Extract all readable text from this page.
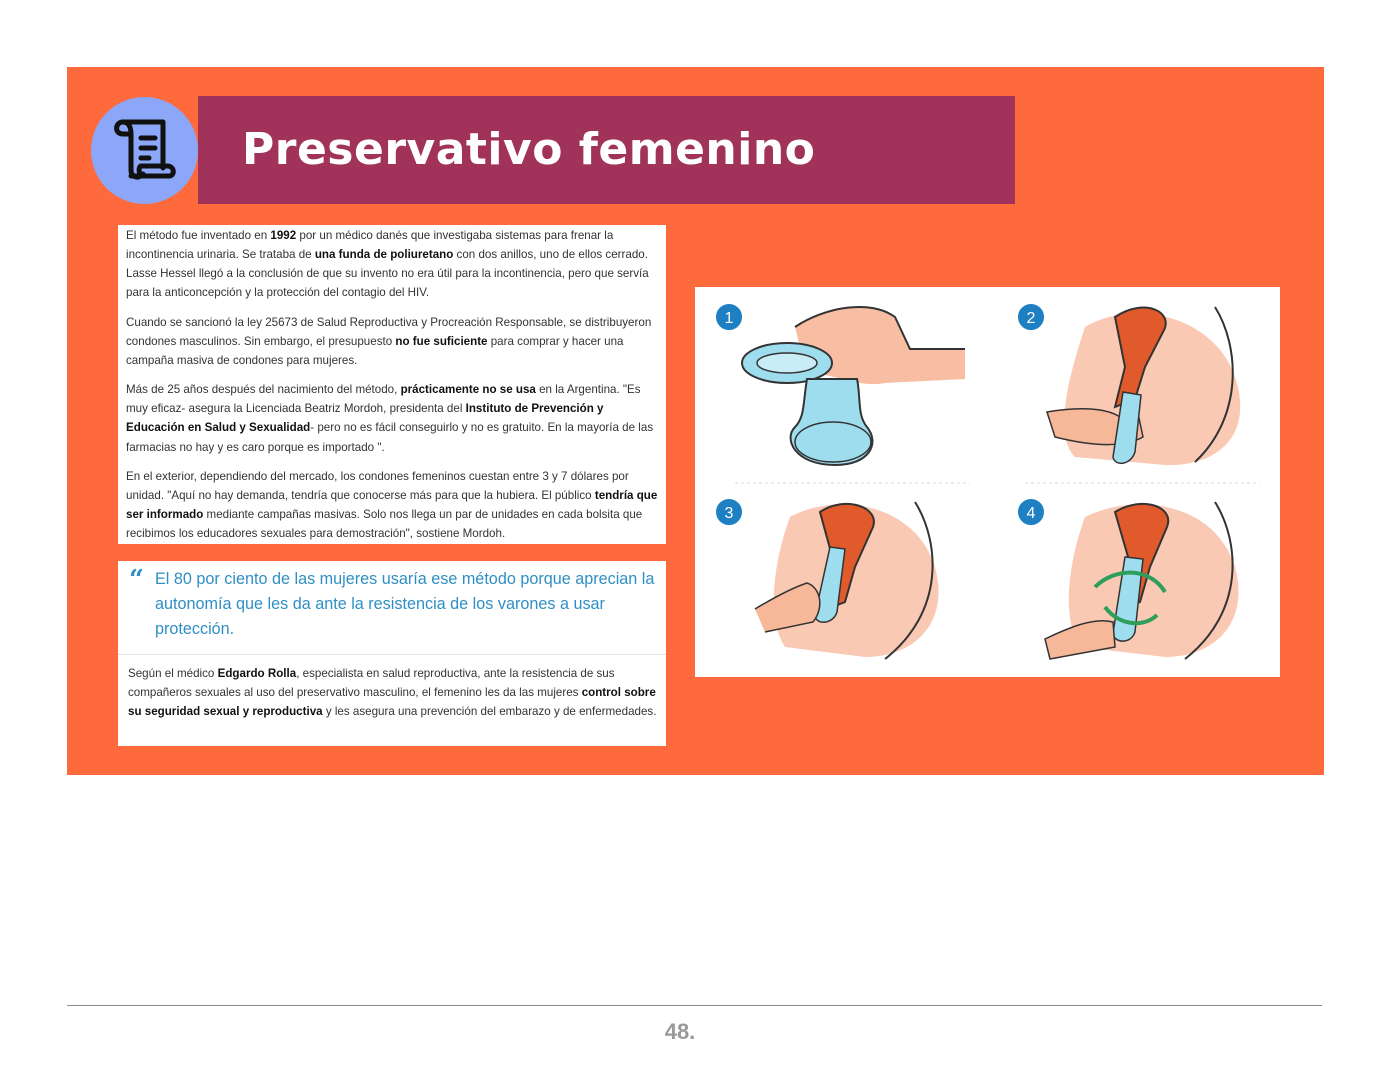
Preservativo femenino

El método fue inventado en 1992 por un médico danés que investigaba sistemas para frenar la incontinencia urinaria. Se trataba de una funda de poliuretano con dos anillos, uno de ellos cerrado. Lasse Hessel llegó a la conclusión de que su invento no era útil para la incontinencia, pero que servía para la anticoncepción y la protección del contagio del HIV.

Cuando se sancionó la ley 25673 de Salud Reproductiva y Procreación Responsable, se distribuyeron condones masculinos. Sin embargo, el presupuesto no fue suficiente para comprar y hacer una campaña masiva de condones para mujeres.

Más de 25 años después del nacimiento del método, prácticamente no se usa en la Argentina. "Es muy eficaz- asegura la Licenciada Beatriz Mordoh, presidenta del Instituto de Prevención y Educación en Salud y Sexualidad- pero no es fácil conseguirlo y no es gratuito. En la mayoría de las farmacias no hay y es caro porque es importado ".

En el exterior, dependiendo del mercado, los condones femeninos cuestan entre 3 y 7 dólares por unidad. "Aquí no hay demanda, tendría que conocerse más para que la hubiera. El público tendría que ser informado mediante campañas masivas. Solo nos llega un par de unidades en cada bolsita que recibimos los educadores sexuales para demostración", sostiene Mordoh.

“ El 80 por ciento de las mujeres usaría ese método porque aprecian la autonomía que les da ante la resistencia de los varones a usar protección.
Según el médico Edgardo Rolla, especialista en salud reproductiva, ante la resistencia de sus compañeros sexuales al uso del preservativo masculino, el femenino les da las mujeres control sobre su seguridad sexual y reproductiva y les asegura una prevención del embarazo y de enfermedades.
1	2
3	4
48.
